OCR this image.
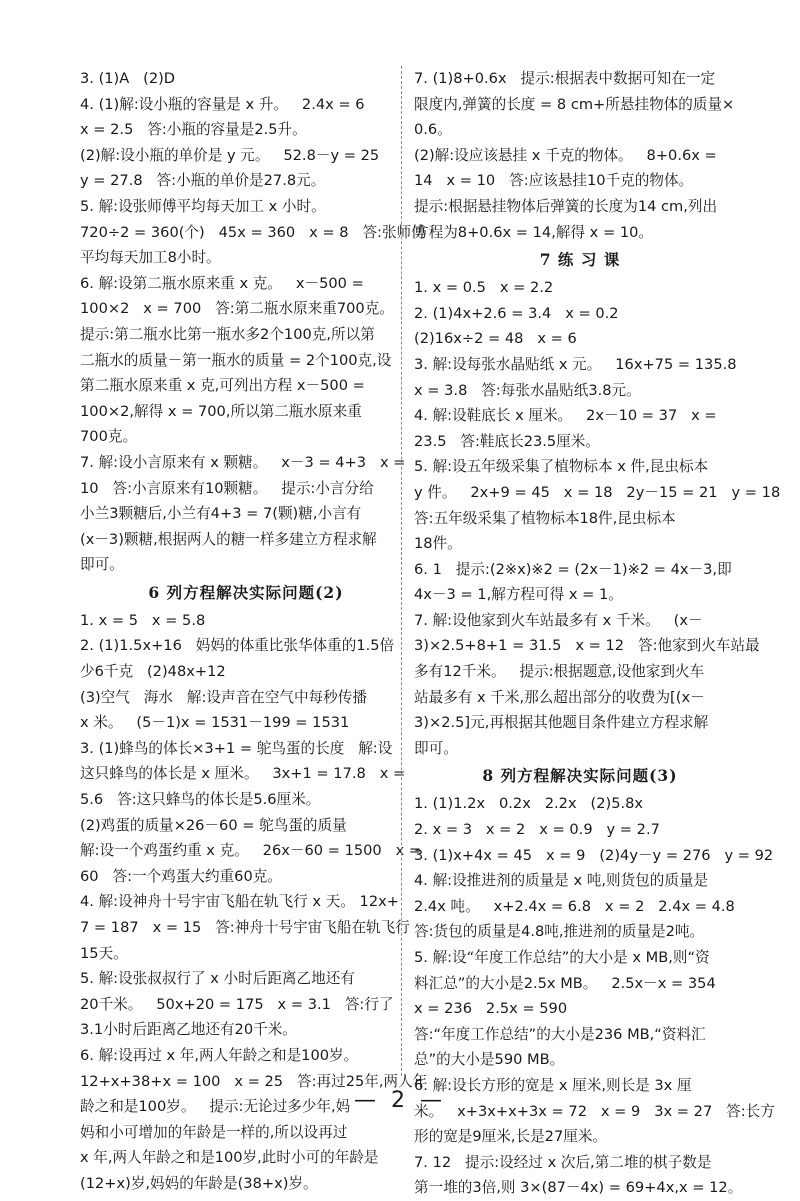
3. (1)A   (2)D
4. (1)解:设小瓶的容量是 x 升。   2.4x = 6
x = 2.5   答:小瓶的容量是2.5升。
(2)解:设小瓶的单价是 y 元。   52.8－y = 25
y = 27.8   答:小瓶的单价是27.8元。
5. 解:设张师傅平均每天加工 x 小时。
720÷2 = 360(个)   45x = 360   x = 8   答:张师傅
平均每天加工8小时。
6. 解:设第二瓶水原来重 x 克。   x－500 =
100×2   x = 700   答:第二瓶水原来重700克。
提示:第二瓶水比第一瓶水多2个100克,所以第
二瓶水的质量－第一瓶水的质量 = 2个100克,设
第二瓶水原来重 x 克,可列出方程 x－500 =
100×2,解得 x = 700,所以第二瓶水原来重
700克。
7. 解:设小言原来有 x 颗糖。   x－3 = 4+3   x =
10   答:小言原来有10颗糖。   提示:小言分给
小兰3颗糖后,小兰有4+3 = 7(颗)糖,小言有
(x－3)颗糖,根据两人的糖一样多建立方程求解
即可。
6 列方程解决实际问题(2)
1. x = 5   x = 5.8
2. (1)1.5x+16   妈妈的体重比张华体重的1.5倍
少6千克   (2)48x+12
(3)空气   海水   解:设声音在空气中每秒传播
x 米。   (5－1)x = 1531－199 = 1531
3. (1)蜂鸟的体长×3+1 = 鸵鸟蛋的长度   解:设
这只蜂鸟的体长是 x 厘米。   3x+1 = 17.8   x =
5.6   答:这只蜂鸟的体长是5.6厘米。
(2)鸡蛋的质量×26－60 = 鸵鸟蛋的质量
解:设一个鸡蛋约重 x 克。   26x－60 = 1500   x =
60   答:一个鸡蛋大约重60克。
4. 解:设神舟十号宇宙飞船在轨飞行 x 天。 12x+
7 = 187   x = 15   答:神舟十号宇宙飞船在轨飞行
15天。
5. 解:设张叔叔行了 x 小时后距离乙地还有
20千米。   50x+20 = 175   x = 3.1   答:行了
3.1小时后距离乙地还有20千米。
6. 解:设再过 x 年,两人年龄之和是100岁。
12+x+38+x = 100   x = 25   答:再过25年,两人年
龄之和是100岁。   提示:无论过多少年,妈
妈和小可增加的年龄是一样的,所以设再过
x 年,两人年龄之和是100岁,此时小可的年龄是
(12+x)岁,妈妈的年龄是(38+x)岁。
7. (1)8+0.6x   提示:根据表中数据可知在一定
限度内,弹簧的长度 = 8 cm+所悬挂物体的质量×
0.6。
(2)解:设应该悬挂 x 千克的物体。   8+0.6x =
14   x = 10   答:应该悬挂10千克的物体。
提示:根据悬挂物体后弹簧的长度为14 cm,列出
方程为8+0.6x = 14,解得 x = 10。
7 练 习 课
1. x = 0.5   x = 2.2
2. (1)4x+2.6 = 3.4   x = 0.2
(2)16x÷2 = 48   x = 6
3. 解:设每张水晶贴纸 x 元。   16x+75 = 135.8
x = 3.8   答:每张水晶贴纸3.8元。
4. 解:设鞋底长 x 厘米。   2x－10 = 37   x =
23.5   答:鞋底长23.5厘米。
5. 解:设五年级采集了植物标本 x 件,昆虫标本
y 件。   2x+9 = 45   x = 18   2y－15 = 21   y = 18
答:五年级采集了植物标本18件,昆虫标本
18件。
6. 1   提示:(2※x)※2 = (2x－1)※2 = 4x－3,即
4x－3 = 1,解方程可得 x = 1。
7. 解:设他家到火车站最多有 x 千米。   (x－
3)×2.5+8+1 = 31.5   x = 12   答:他家到火车站最
多有12千米。   提示:根据题意,设他家到火车
站最多有 x 千米,那么超出部分的收费为[(x－
3)×2.5]元,再根据其他题目条件建立方程求解
即可。
8 列方程解决实际问题(3)
1. (1)1.2x   0.2x   2.2x   (2)5.8x
2. x = 3   x = 2   x = 0.9   y = 2.7
3. (1)x+4x = 45   x = 9   (2)4y－y = 276   y = 92
4. 解:设推进剂的质量是 x 吨,则货包的质量是
2.4x 吨。   x+2.4x = 6.8   x = 2   2.4x = 4.8
答:货包的质量是4.8吨,推进剂的质量是2吨。
5. 解:设“年度工作总结”的大小是 x MB,则“资
料汇总”的大小是2.5x MB。   2.5x－x = 354
x = 236   2.5x = 590
答:“年度工作总结”的大小是236 MB,“资料汇
总”的大小是590 MB。
6. 解:设长方形的宽是 x 厘米,则长是 3x 厘
米。   x+3x+x+3x = 72   x = 9   3x = 27   答:长方
形的宽是9厘米,长是27厘米。
7. 12   提示:设经过 x 次后,第二堆的棋子数是
第一堆的3倍,则 3×(87－4x) = 69+4x,x = 12。
— 2 —
